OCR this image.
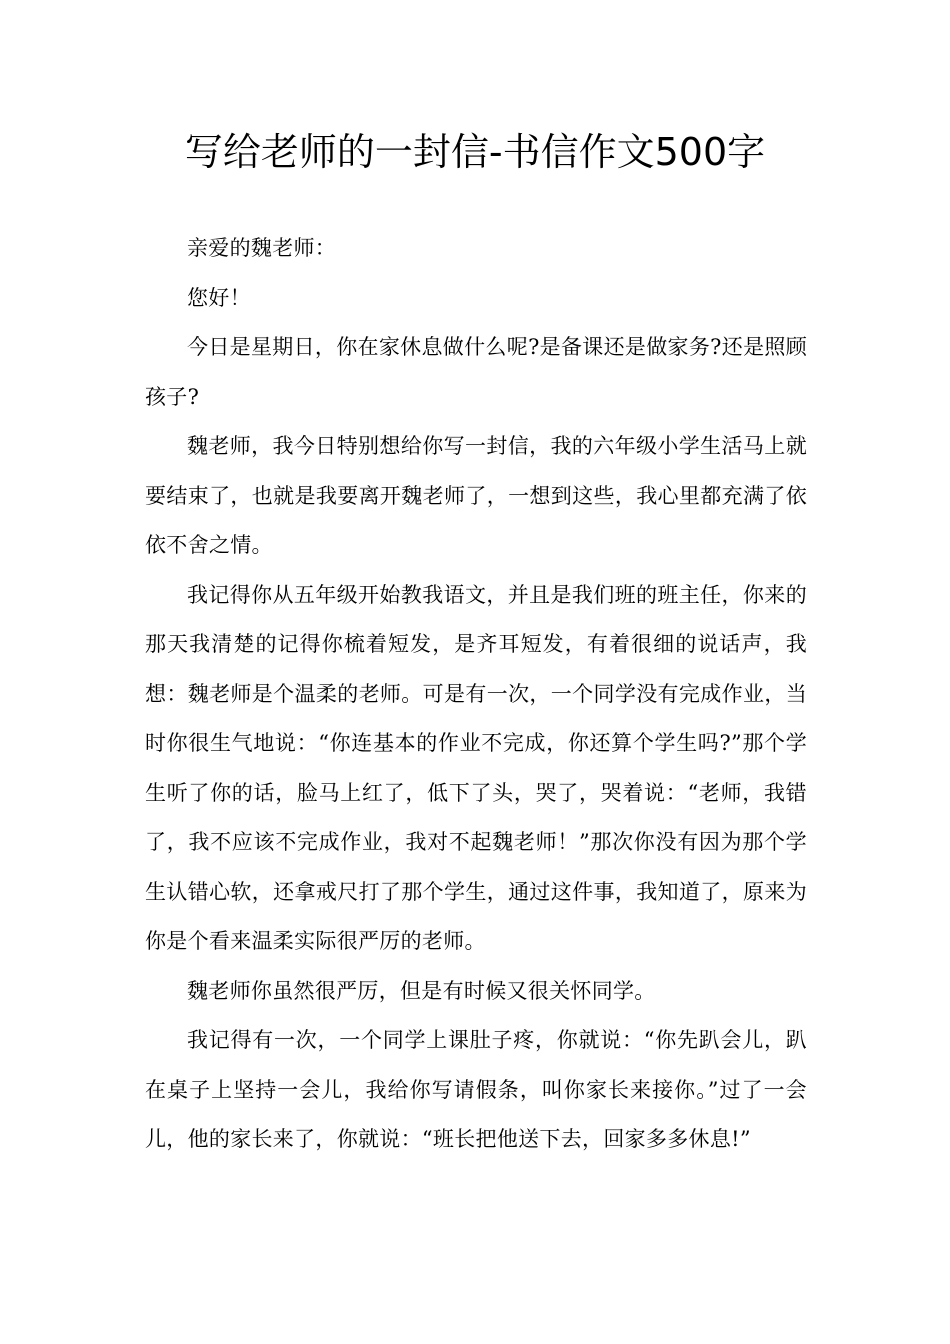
写给老师的一封信-书信作文500字

亲爱的魏老师：

您好！

今日是星期日，你在家休息做什么呢?是备课还是做家务?还是照顾孩子?

魏老师，我今日特别想给你写一封信，我的六年级小学生活马上就要结束了，也就是我要离开魏老师了，一想到这些，我心里都充满了依依不舍之情。

我记得你从五年级开始教我语文，并且是我们班的班主任，你来的那天我清楚的记得你梳着短发，是齐耳短发，有着很细的说话声，我想：魏老师是个温柔的老师。可是有一次，一个同学没有完成作业，当时你很生气地说：“你连基本的作业不完成，你还算个学生吗?”那个学生听了你的话，脸马上红了，低下了头，哭了，哭着说：“老师，我错了，我不应该不完成作业，我对不起魏老师！”那次你没有因为那个学生认错心软，还拿戒尺打了那个学生，通过这件事，我知道了，原来为你是个看来温柔实际很严厉的老师。

魏老师你虽然很严厉，但是有时候又很关怀同学。

我记得有一次，一个同学上课肚子疼，你就说：“你先趴会儿，趴在桌子上坚持一会儿，我给你写请假条，叫你家长来接你。”过了一会儿，他的家长来了，你就说：“班长把他送下去，回家多多休息!”
